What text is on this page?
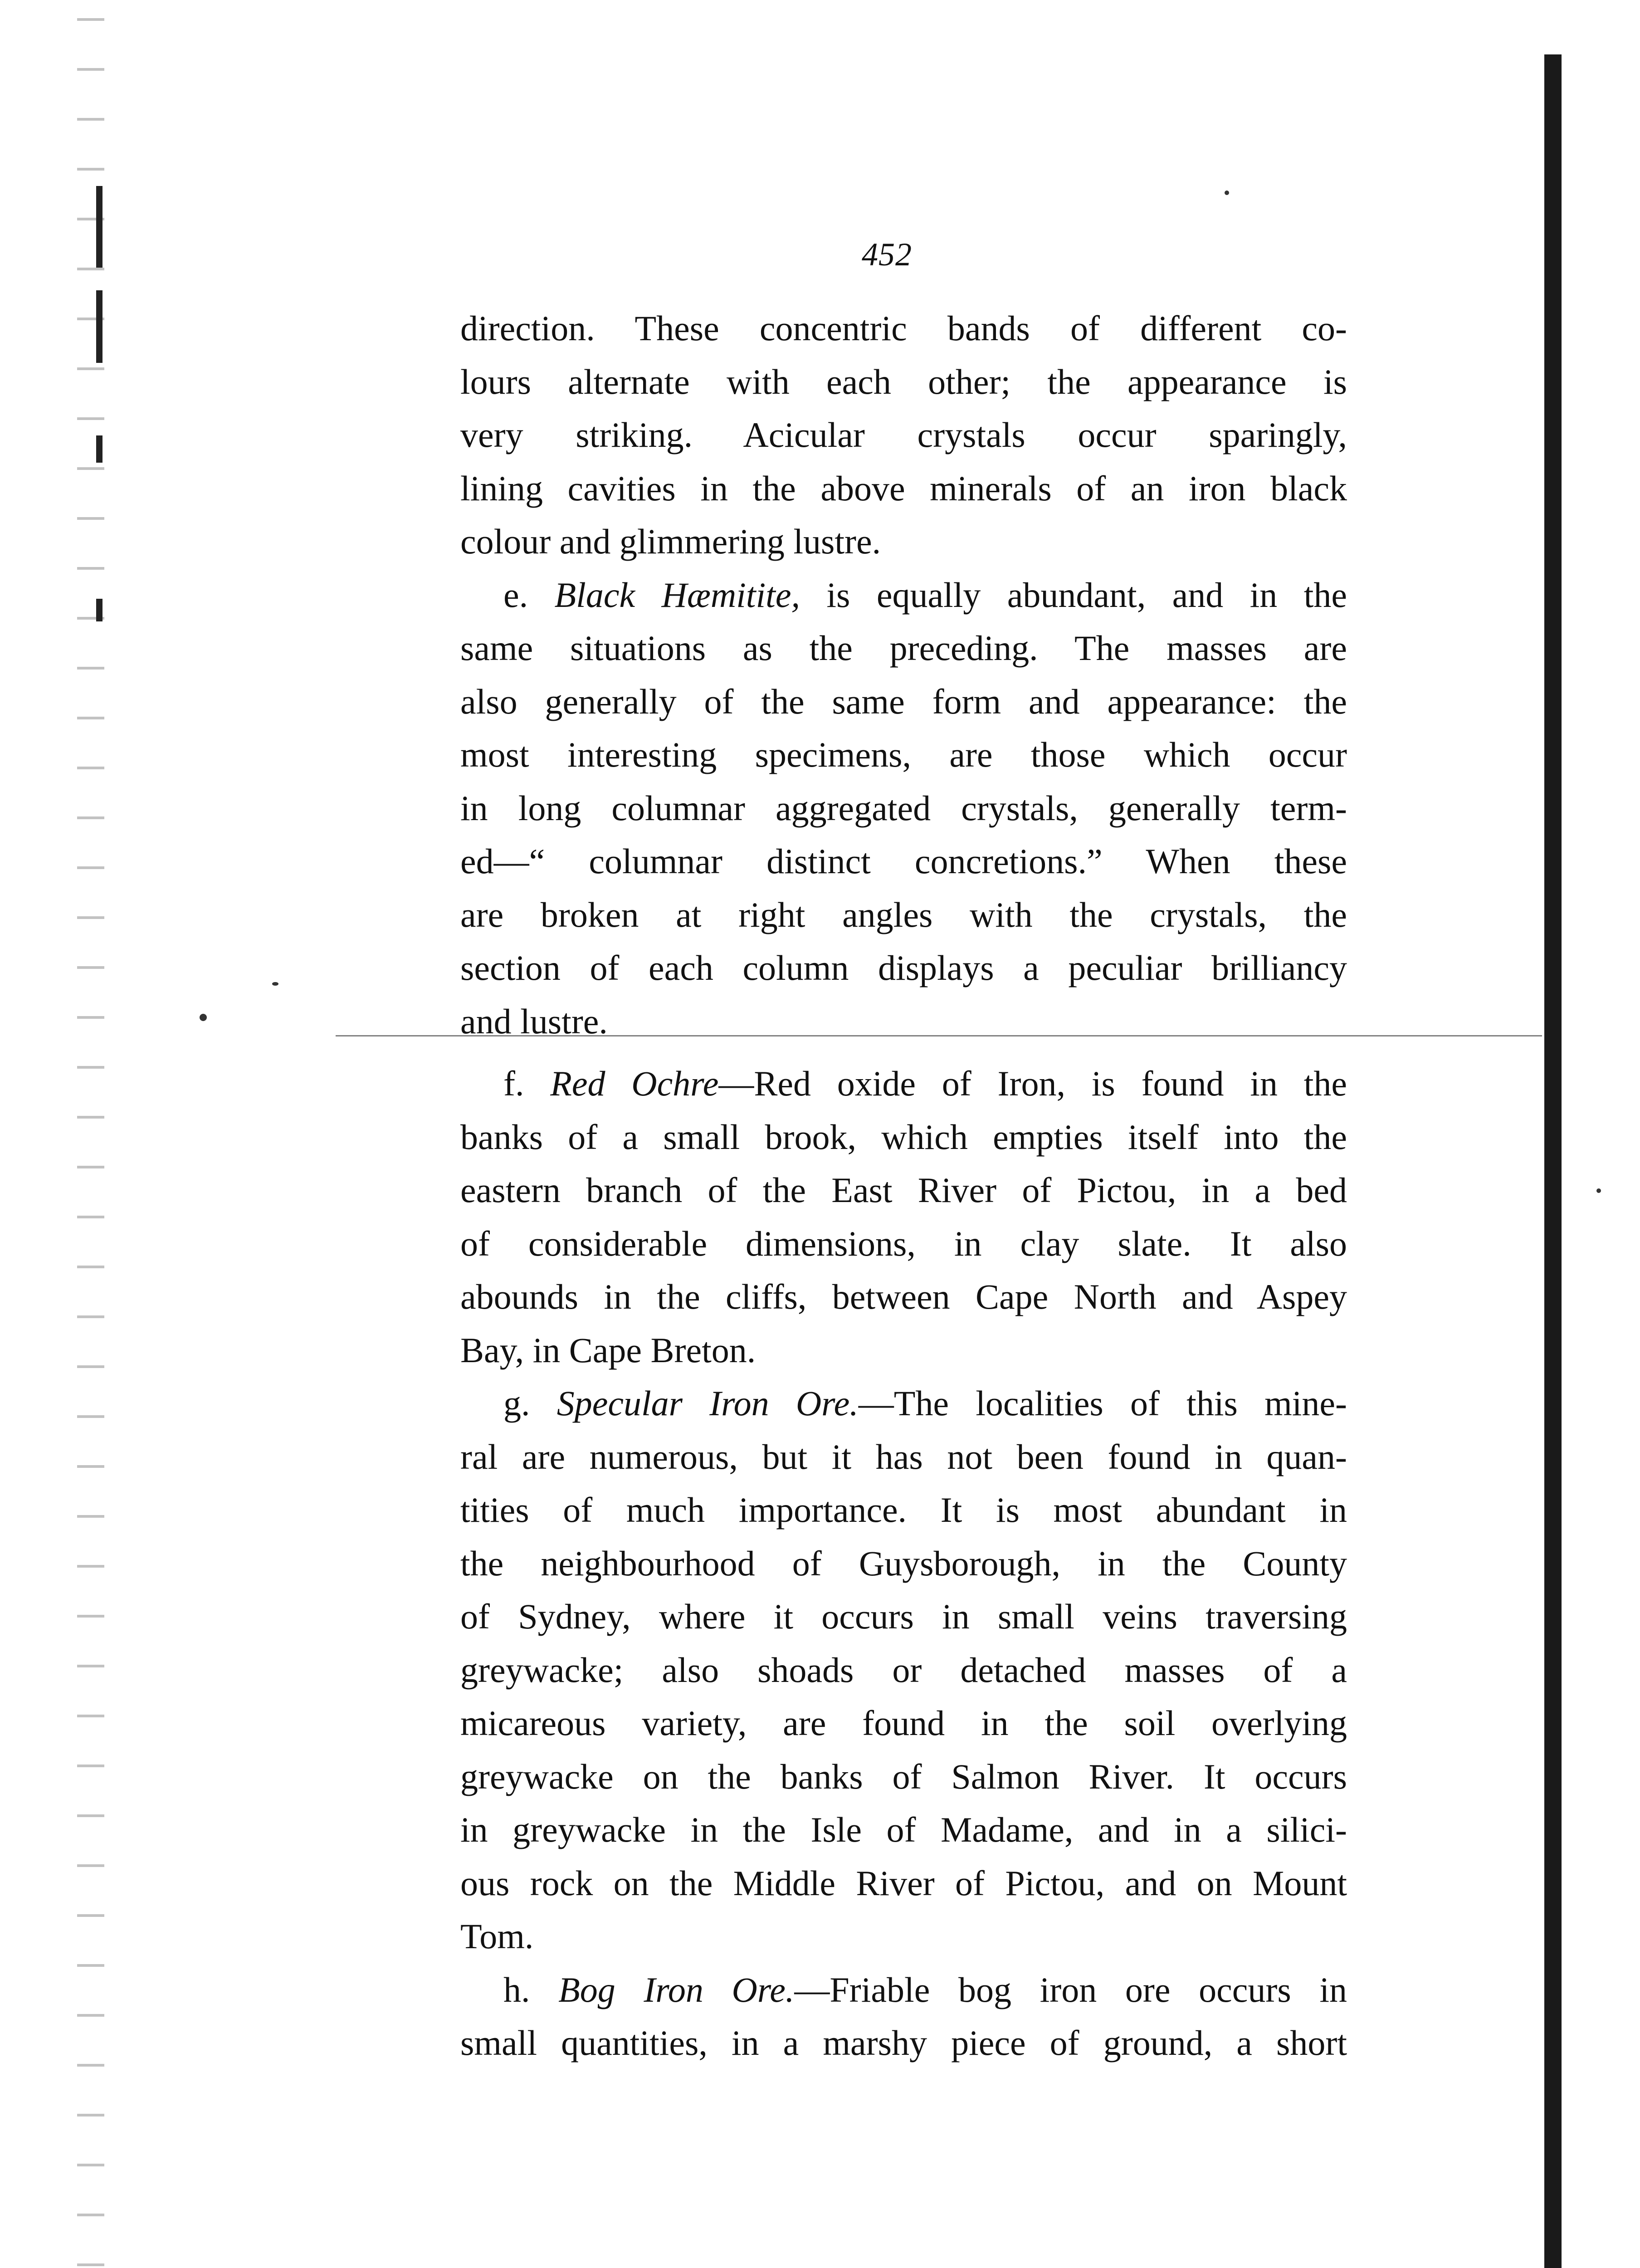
452
direction. These concentric bands of different co-
lours alternate with each other; the appearance is
very striking. Acicular crystals occur sparingly,
lining cavities in the above minerals of an iron black
colour and glimmering lustre.
e. Black Hæmitite, is equally abundant, and in the
same situations as the preceding. The masses are
also generally of the same form and appearance: the
most interesting specimens, are those which occur
in long columnar aggregated crystals, generally term-
ed—“ columnar distinct concretions.” When these
are broken at right angles with the crystals, the
section of each column displays a peculiar brilliancy
and lustre.
f. Red Ochre—Red oxide of Iron, is found in the
banks of a small brook, which empties itself into the
eastern branch of the East River of Pictou, in a bed
of considerable dimensions, in clay slate. It also
abounds in the cliffs, between Cape North and Aspey
Bay, in Cape Breton.
g. Specular Iron Ore.—The localities of this mine-
ral are numerous, but it has not been found in quan-
tities of much importance. It is most abundant in
the neighbourhood of Guysborough, in the County
of Sydney, where it occurs in small veins traversing
greywacke; also shoads or detached masses of a
micareous variety, are found in the soil overlying
greywacke on the banks of Salmon River. It occurs
in greywacke in the Isle of Madame, and in a silici-
ous rock on the Middle River of Pictou, and on Mount
Tom.
h. Bog Iron Ore.—Friable bog iron ore occurs in
small quantities, in a marshy piece of ground, a short
